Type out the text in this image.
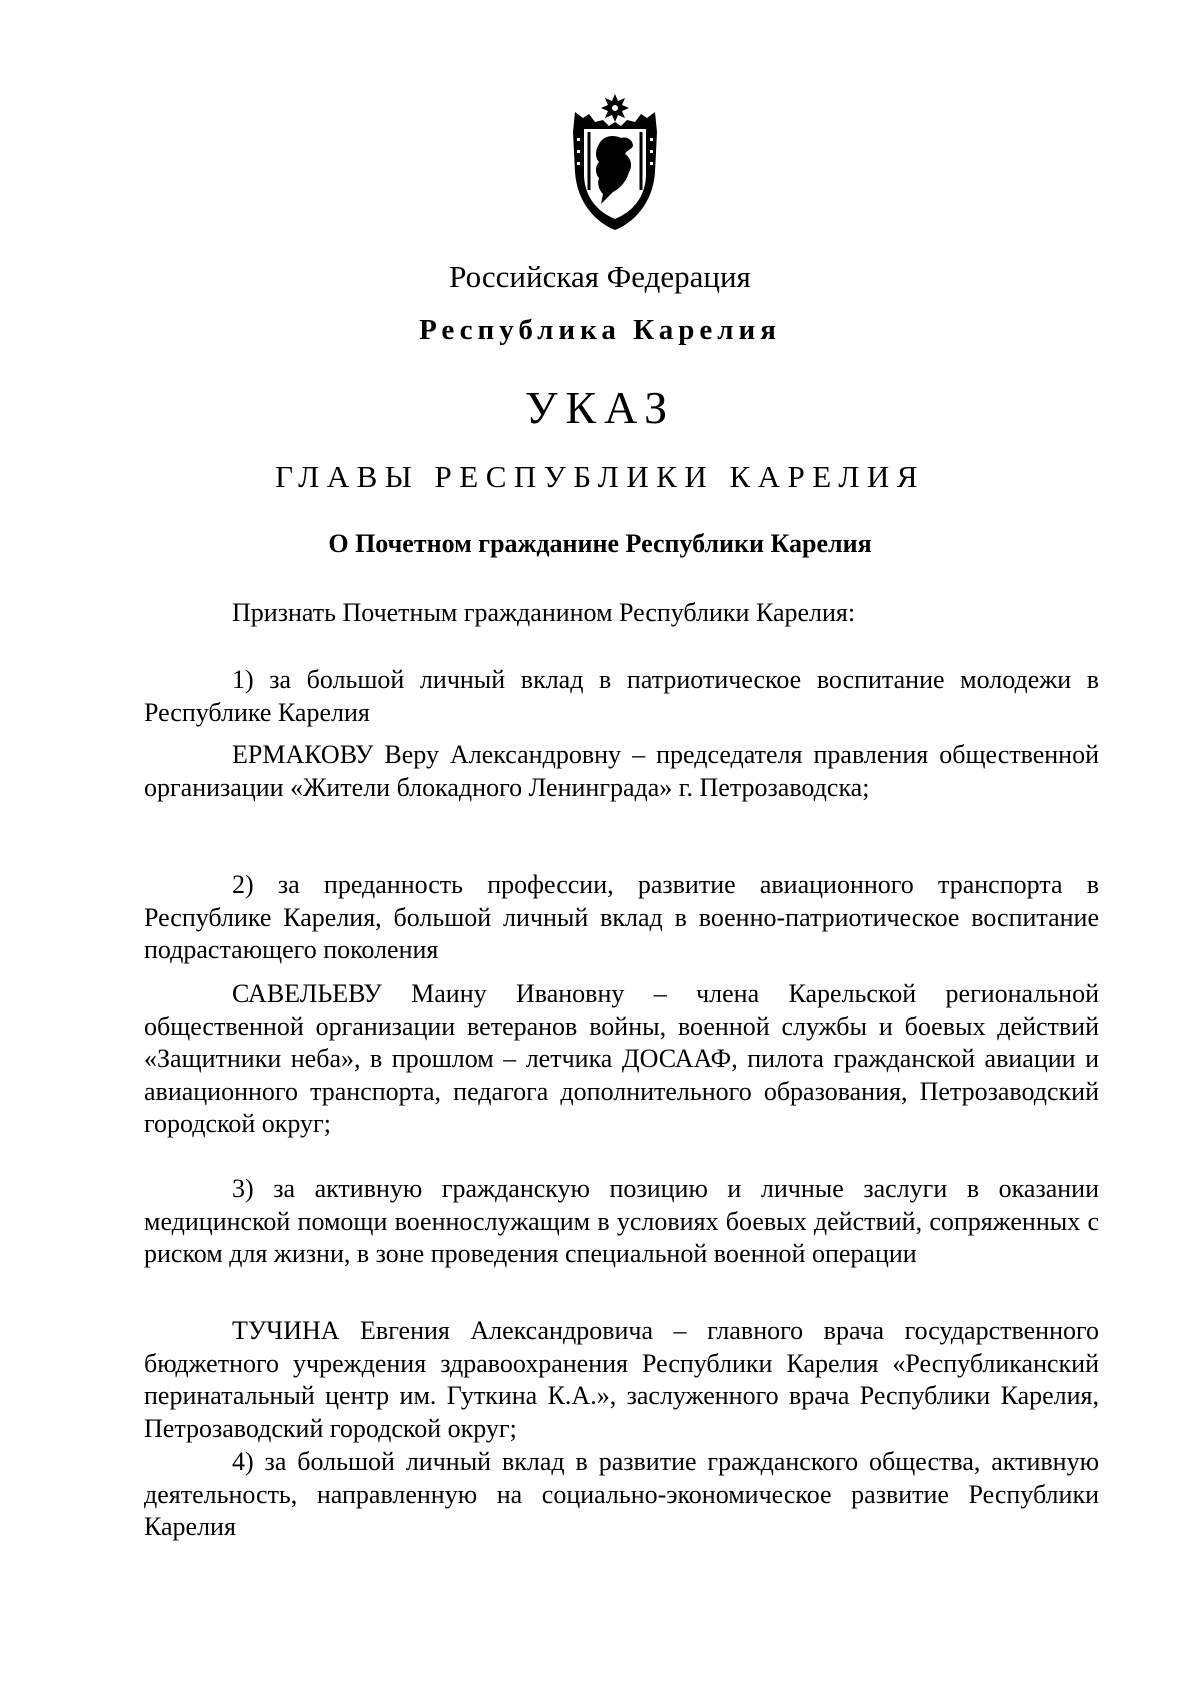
Российская Федерация
Республика Карелия
УКАЗ
ГЛАВЫ РЕСПУБЛИКИ КАРЕЛИЯ
О Почетном гражданине Республики Карелия

Признать Почетным гражданином Республики Карелия:

1) за большой личный вклад в патриотическое воспитание молодежи в Республике Карелия

ЕРМАКОВУ Веру Александровну – председателя правления общественной организации «Жители блокадного Ленинграда» г. Петрозаводска;

2) за преданность профессии, развитие авиационного транспорта в Республике Карелия, большой личный вклад в военно-патриотическое воспитание подрастающего поколения

САВЕЛЬЕВУ Маину Ивановну – члена Карельской региональной общественной организации ветеранов войны, военной службы и боевых действий «Защитники неба», в прошлом – летчика ДОСААФ, пилота гражданской авиации и авиационного транспорта, педагога дополнительного образования, Петрозаводский городской округ;

3) за активную гражданскую позицию и личные заслуги в оказании медицинской помощи военнослужащим в условиях боевых действий, сопряженных с риском для жизни, в зоне проведения специальной военной операции

ТУЧИНА Евгения Александровича – главного врача государственного бюджетного учреждения здравоохранения Республики Карелия «Республиканский перинатальный центр им. Гуткина К.А.», заслуженного врача Республики Карелия, Петрозаводский городской округ;

4) за большой личный вклад в развитие гражданского общества, активную деятельность, направленную на социально-экономическое развитие Республики Карелия
